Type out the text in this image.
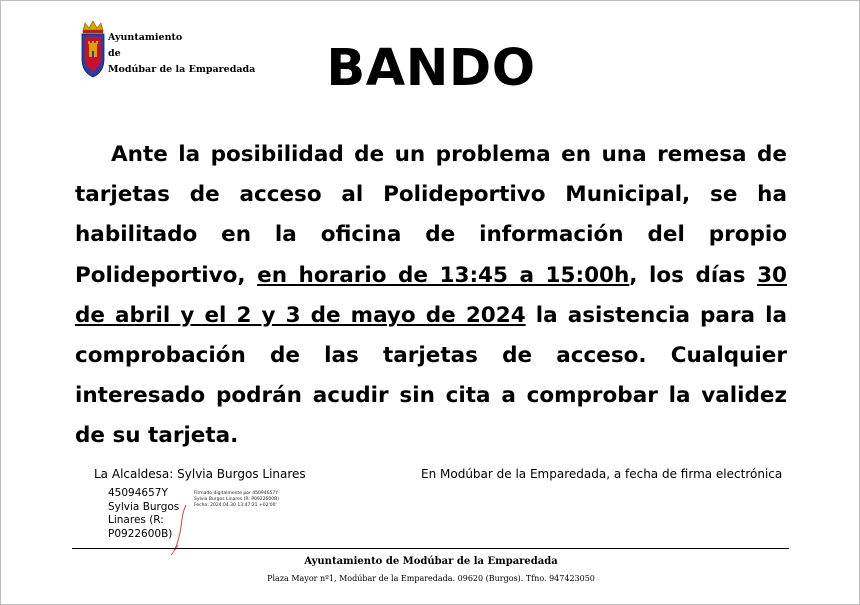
Ayuntamiento
de
Modúbar de la Emparedada	BANDO
Ante la posibilidad de un problema en una remesa de tarjetas de acceso al Polideportivo Municipal, se ha habilitado en la oficina de información del propio Polideportivo, en horario de 13:45 a 15:00h, los días 30 de abril y el 2 y 3 de mayo de 2024 la asistencia para la comprobación de las tarjetas de acceso. Cualquier interesado podrán acudir sin cita a comprobar la validez de su tarjeta.
La Alcaldesa: Sylvia Burgos Linares	En Modúbar de la Emparedada, a fecha de firma electrónica
45094657Y Sylvia Burgos Linares (R: P0922600B)
Firmado digitalmente por 45094657Y Sylvia Burgos Linares (R: P0922600B) Fecha: 2024.04.30 13:47:21 +02'00'
Ayuntamiento de Modúbar de la Emparedada
Plaza Mayor nº1, Modúbar de la Emparedada. 09620 (Burgos). Tfno. 947423050
